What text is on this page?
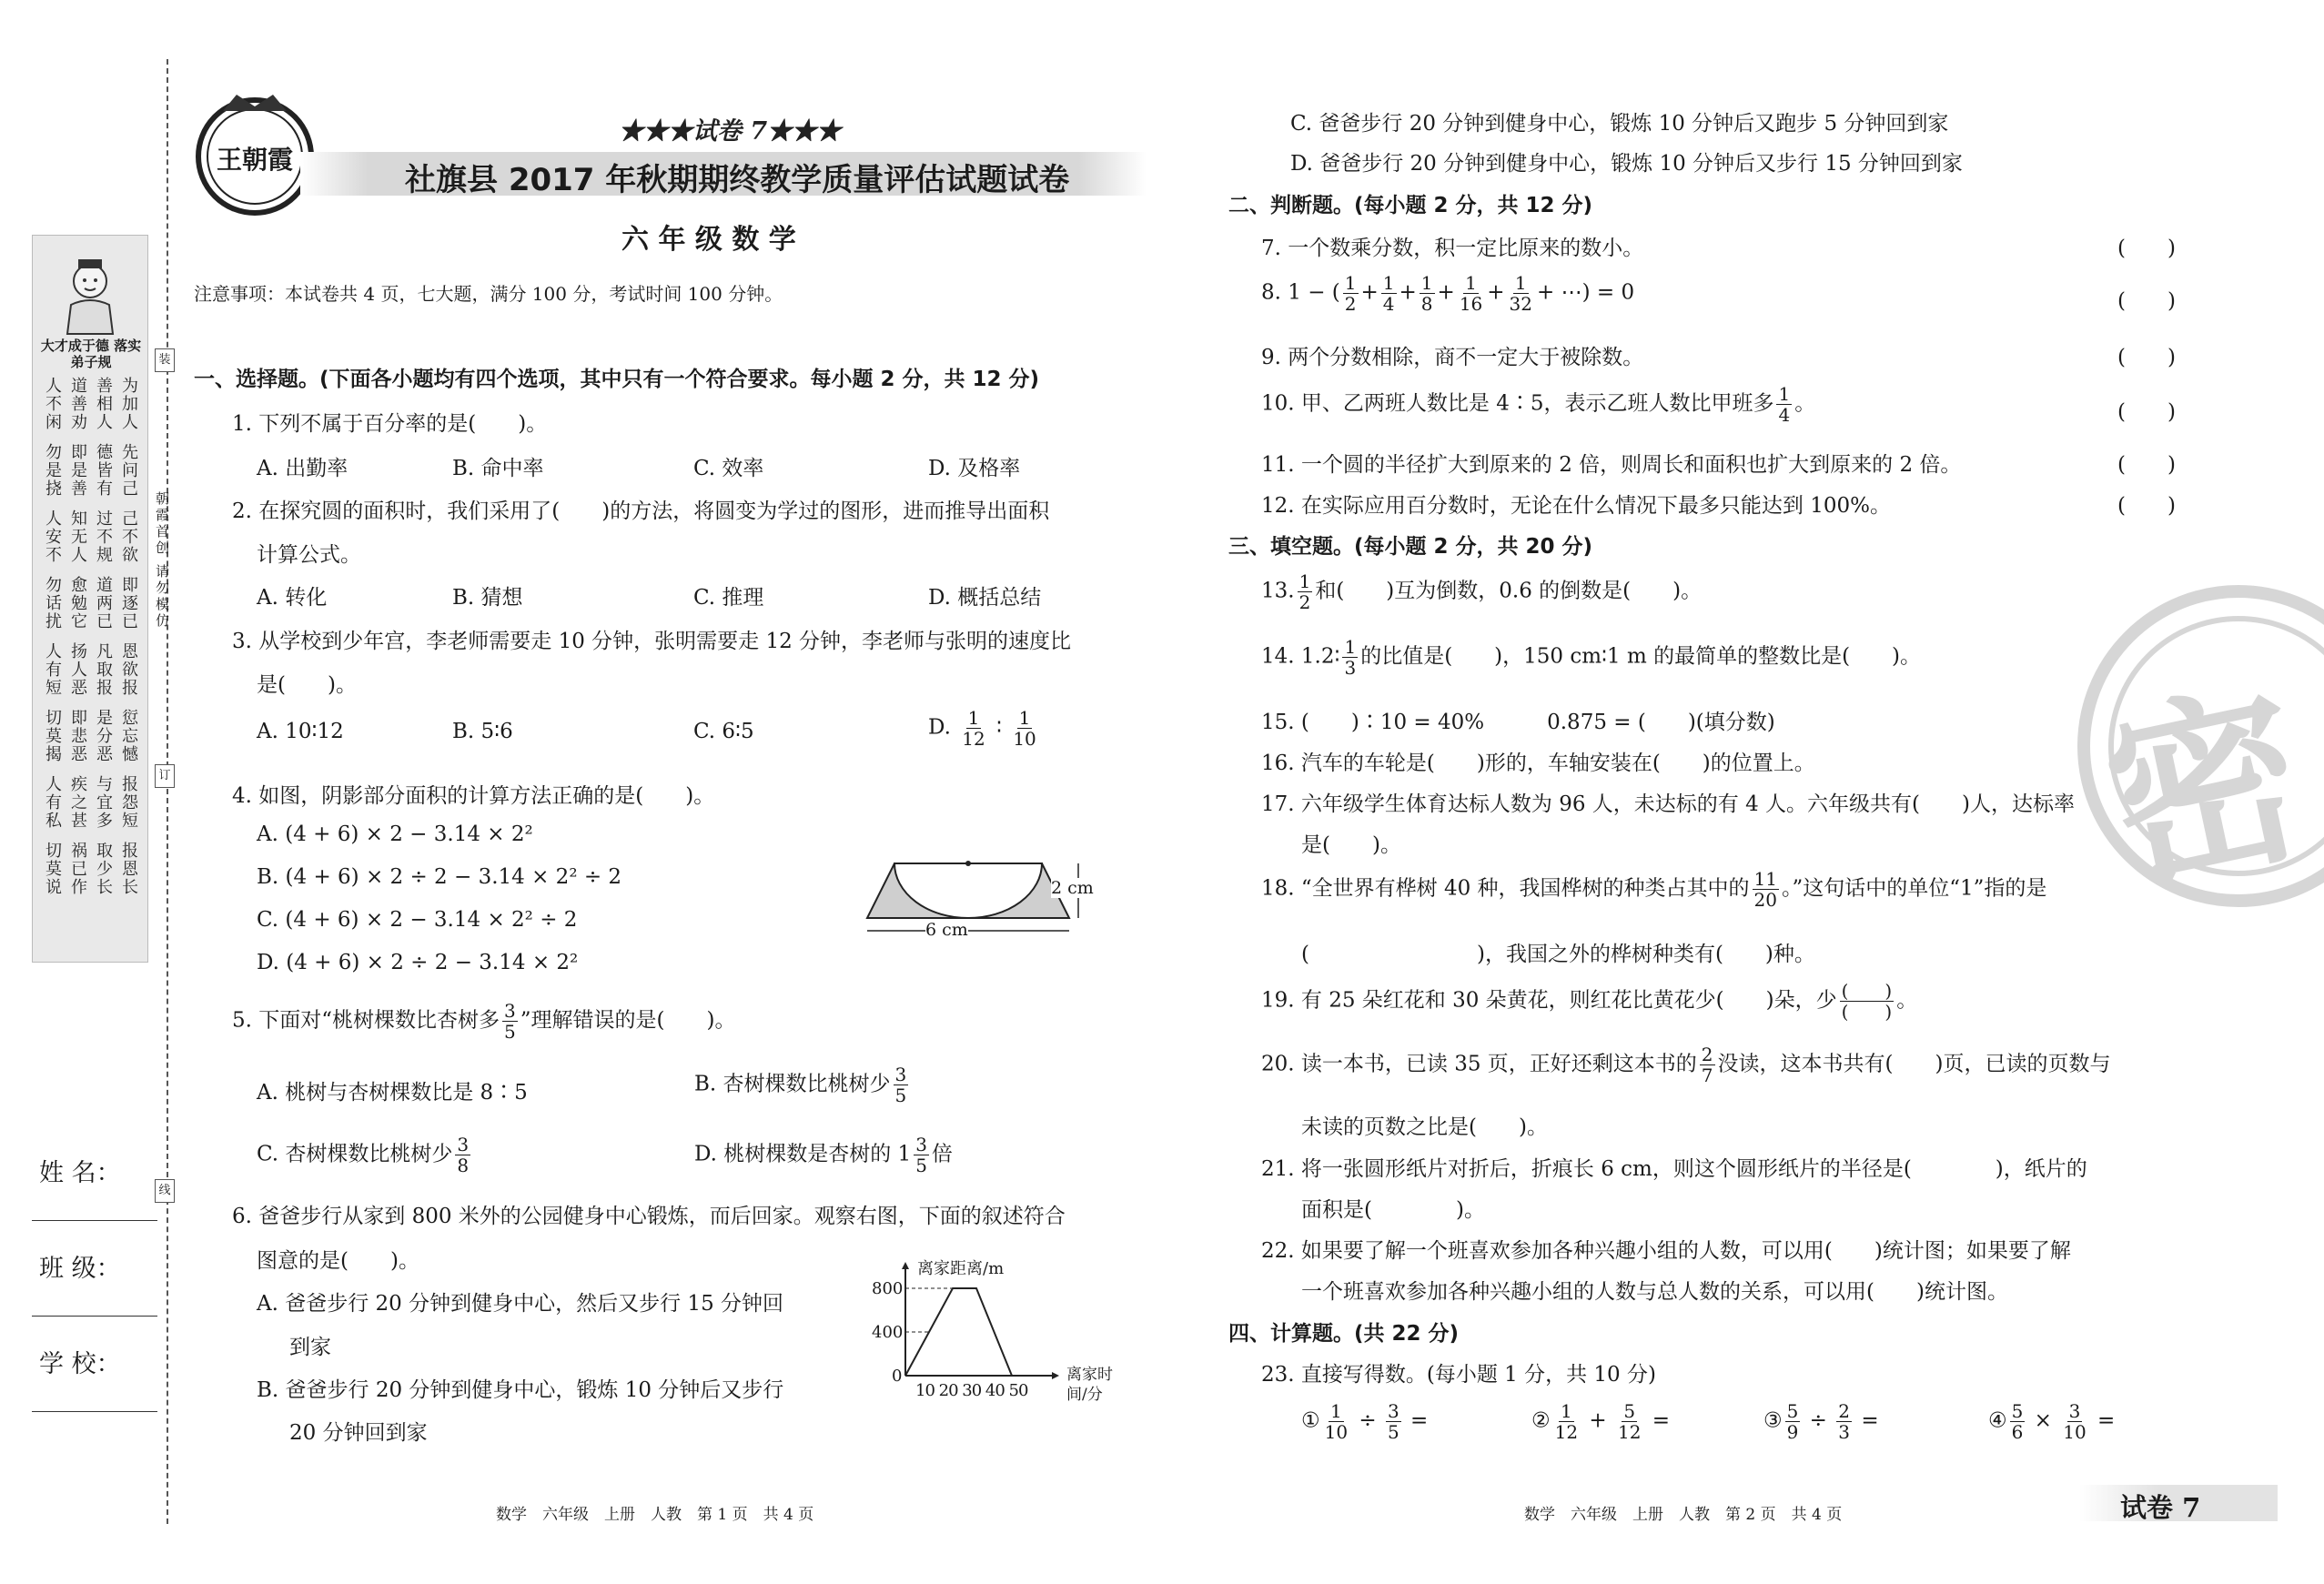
大才成于德 落实弟子规
人不闲 道善劝 善相人 为加人
勿是挠 即是善 德皆有 先问己
人安不 知无人 过不规 己不欲
勿话扰 愈勉它 道两已 即逐已
人有短 扬人恶 凡取报 恩欲报
切莫揭 即悲恶 是分恶 愆忘憾
人有私 疾之甚 与宜多 报怨短
切莫说 祸已作 取少长 报恩长
装
朝霞首创 请勿模仿
订
线
姓 名：
班 级：
学 校：
王朝霞
★★★试卷 7★★★
社旗县 2017 年秋期期终教学质量评估试题试卷
六 年 级 数 学
注意事项：本试卷共 4 页，七大题，满分 100 分，考试时间 100 分钟。
一、选择题。(下面各小题均有四个选项，其中只有一个符合要求。每小题 2 分，共 12 分)
1. 下列不属于百分率的是(　　)。
A. 出勤率	B. 命中率	C. 效率	D. 及格率
2. 在探究圆的面积时，我们采用了(　　)的方法，将圆变为学过的图形，进而推导出面积
计算公式。
A. 转化	B. 猜想	C. 推理	D. 概括总结
3. 从学校到少年宫，李老师需要走 10 分钟，张明需要走 12 分钟，李老师与张明的速度比
是(　　)。
A. 10∶12	B. 5∶6	C. 6∶5	D. $\frac{1}{12}$ ∶ $\frac{1}{10}$
4. 如图，阴影部分面积的计算方法正确的是(　　)。
A. (4 + 6) × 2 − 3.14 × 2²
B. (4 + 6) × 2 ÷ 2 − 3.14 × 2² ÷ 2
C. (4 + 6) × 2 − 3.14 × 2² ÷ 2
D. (4 + 6) × 2 ÷ 2 − 3.14 × 2²
2 cm
6 cm
5. 下面对“桃树棵数比杏树多 $\frac{3}{5}$ ”理解错误的是(　　)。
A. 桃树与杏树棵数比是 8∶5	B. 杏树棵数比桃树少 $\frac{3}{5}$
C. 杏树棵数比桃树少 $\frac{3}{8}$	D. 桃树棵数是杏树的 $1 \frac{3}{5}$ 倍
6. 爸爸步行从家到 800 米外的公园健身中心锻炼，而后回家。观察右图，下面的叙述符合
图意的是(　　)。
A. 爸爸步行 20 分钟到健身中心，然后又步行 15 分钟回
到家
B. 爸爸步行 20 分钟到健身中心，锻炼 10 分钟后又步行
20 分钟回到家
离家距离/m
800
400
0
10 20 30 40 50
离家时
间/分
数学　六年级　上册　人教　第 1 页　共 4 页
C. 爸爸步行 20 分钟到健身中心，锻炼 10 分钟后又跑步 5 分钟回到家
D. 爸爸步行 20 分钟到健身中心，锻炼 10 分钟后又步行 15 分钟回到家
二、判断题。(每小题 2 分，共 12 分)
7. 一个数乘分数，积一定比原来的数小。	(　　)
8. 1 − ( $\frac{1}{2} + \frac{1}{4} + \frac{1}{8} + \frac{1}{16} + \frac{1}{32}$ + ⋯) = 0	(　　)
9. 两个分数相除，商不一定大于被除数。	(　　)
10. 甲、乙两班人数比是 4∶5，表示乙班人数比甲班多 $\frac{1}{4}$ 。	(　　)
11. 一个圆的半径扩大到原来的 2 倍，则周长和面积也扩大到原来的 2 倍。	(　　)
12. 在实际应用百分数时，无论在什么情况下最多只能达到 100%。	(　　)
三、填空题。(每小题 2 分，共 20 分)
13. $\frac{1}{2}$ 和(　　)互为倒数，0.6 的倒数是(　　)。
14. 1.2∶ $\frac{1}{3}$ 的比值是(　　)，150 cm∶1 m 的最简单的整数比是(　　)。
15. (　　)∶10 = 40%　　　0.875 = (　　)(填分数)
16. 汽车的车轮是(　　)形的，车轴安装在(　　)的位置上。
17. 六年级学生体育达标人数为 96 人，未达标的有 4 人。六年级共有(　　)人，达标率
是(　　)。
18. “全世界有桦树 40 种，我国桦树的种类占其中的 $\frac{11}{20}$ 。”这句话中的单位“1”指的是
(　　　　　　　　)，我国之外的桦树种类有(　　)种。
19. 有 25 朵红花和 30 朵黄花，则红花比黄花少(　　)朵，少 $\frac{( )}{( )}$ 。
20. 读一本书，已读 35 页，正好还剩这本书的 $\frac{2}{7}$ 没读，这本书共有(　　)页，已读的页数与
未读的页数之比是(　　)。
21. 将一张圆形纸片对折后，折痕长 6 cm，则这个圆形纸片的半径是(　　　　)，纸片的
面积是(　　　　)。
22. 如果要了解一个班喜欢参加各种兴趣小组的人数，可以用(　　)统计图；如果要了解
一个班喜欢参加各种兴趣小组的人数与总人数的关系，可以用(　　)统计图。
四、计算题。(共 22 分)
23. 直接写得数。(每小题 1 分，共 10 分)
① $\frac{1}{10} \div \frac{3}{5}$ =	② $\frac{1}{12} + \frac{5}{12}$ =	③ $\frac{5}{9} \div \frac{2}{3}$ =	④ $\frac{5}{6} \times \frac{3}{10}$ =
数学　六年级　上册　人教　第 2 页　共 4 页	试卷 7
密
